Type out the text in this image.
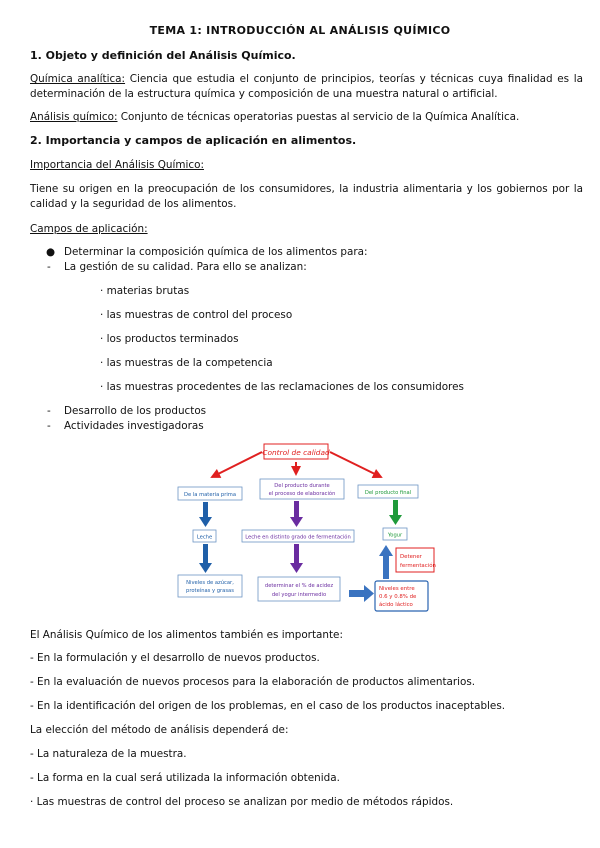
TEMA 1: INTRODUCCIÓN AL ANÁLISIS QUÍMICO
1. Objeto y definición del Análisis Químico.
Química analítica: Ciencia que estudia el conjunto de principios, teorías y técnicas cuya finalidad es la
determinación de la estructura química y composición de una muestra natural o artificial.
Análisis químico: Conjunto de técnicas operatorias puestas al servicio de la Química Analítica.
2. Importancia y campos de aplicación en alimentos.
Importancia del Análisis Químico:
Tiene su origen en la preocupación de los consumidores, la industria alimentaria y los gobiernos por la
calidad y la seguridad de los alimentos.
Campos de aplicación:
● Determinar la composición química de los alimentos para:
- La gestión de su calidad. Para ello se analizan:
· materias brutas
· las muestras de control del proceso
· los productos terminados
· las muestras de la competencia
· las muestras procedentes de las reclamaciones de los consumidores
- Desarrollo de los productos
- Actividades investigadoras
Control de calidad
De la materia prima
Del producto durante
el proceso de elaboración	Del producto final
Leche	Leche en distinto grado de fermentación	Yogur
Niveles de azúcar,
proteínas y grasas
determinar el % de acidez
del yogur intermedio
Detener
fermentación
Niveles entre
0.6 y 0.8% de
ácido láctico
El Análisis Químico de los alimentos también es importante:
- En la formulación y el desarrollo de nuevos productos.
- En la evaluación de nuevos procesos para la elaboración de productos alimentarios.
- En la identificación del origen de los problemas, en el caso de los productos inaceptables.
La elección del método de análisis dependerá de:
- La naturaleza de la muestra.
- La forma en la cual será utilizada la información obtenida.
· Las muestras de control del proceso se analizan por medio de métodos rápidos.
